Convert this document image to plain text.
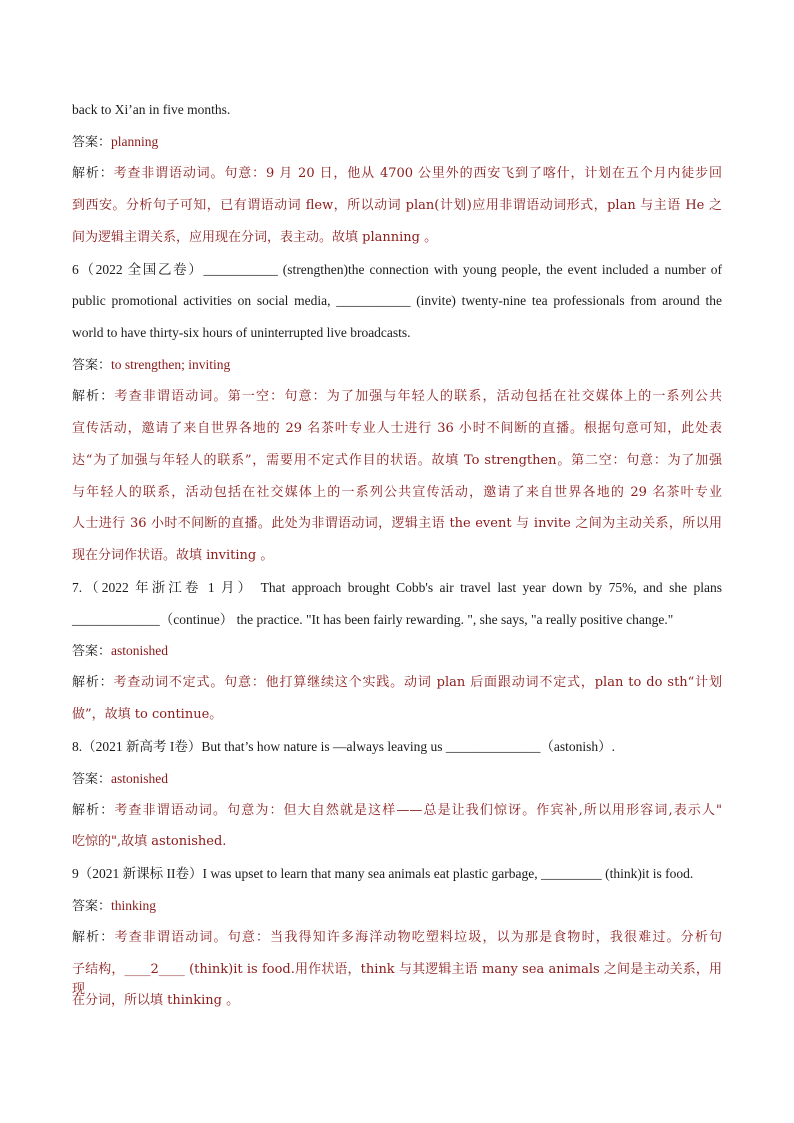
back to Xi’an in five months.
答案：planning
解析：考查非谓语动词。句意：9 月 20 日，他从 4700 公里外的西安飞到了喀什，计划在五个月内徒步回
到西安。分析句子可知，已有谓语动词 flew，所以动词 plan(计划)应用非谓语动词形式，plan 与主语 He 之
间为逻辑主谓关系，应用现在分词，表主动。故填 planning 。
6（2022 全国乙卷）___________ (strengthen)the connection with young people, the event included a number of
public promotional activities on social media, ___________ (invite) twenty-nine tea professionals from around the
world to have thirty-six hours of uninterrupted live broadcasts.
答案：to strengthen; inviting
解析：考查非谓语动词。第一空：句意：为了加强与年轻人的联系，活动包括在社交媒体上的一系列公共
宣传活动，邀请了来自世界各地的 29 名茶叶专业人士进行 36 小时不间断的直播。根据句意可知，此处表
达“为了加强与年轻人的联系”，需要用不定式作目的状语。故填 To strengthen。第二空：句意：为了加强
与年轻人的联系，活动包括在社交媒体上的一系列公共宣传活动，邀请了来自世界各地的 29 名茶叶专业
人士进行 36 小时不间断的直播。此处为非谓语动词，逻辑主语 the event 与 invite 之间为主动关系，所以用
现在分词作状语。故填 inviting 。
7.（2022 年浙江卷 1 月） That approach brought Cobb's air travel last year down by 75%, and she plans
_____________（continue） the practice. "It has been fairly rewarding. ", she says, "a really positive change."
答案：astonished
解析：考查动词不定式。句意：他打算继续这个实践。动词 plan 后面跟动词不定式，plan to do sth“计划
做”，故填 to continue。
8.（2021 新高考 I卷）But that’s how nature is —always leaving us ______________（astonish）.
答案：astonished
解析：考查非谓语动词。句意为：但大自然就是这样——总是让我们惊讶。作宾补,所以用形容词,表示人"
吃惊的",故填 astonished.
9（2021 新课标 II卷）I was upset to learn that many sea animals eat plastic garbage, _________ (think)it is food.
答案：thinking
解析：考查非谓语动词。句意：当我得知许多海洋动物吃塑料垃圾，以为那是食物时，我很难过。分析句
子结构，____2____ (think)it is food.用作状语，think 与其逻辑主语 many sea animals 之间是主动关系，用现
在分词，所以填 thinking 。
